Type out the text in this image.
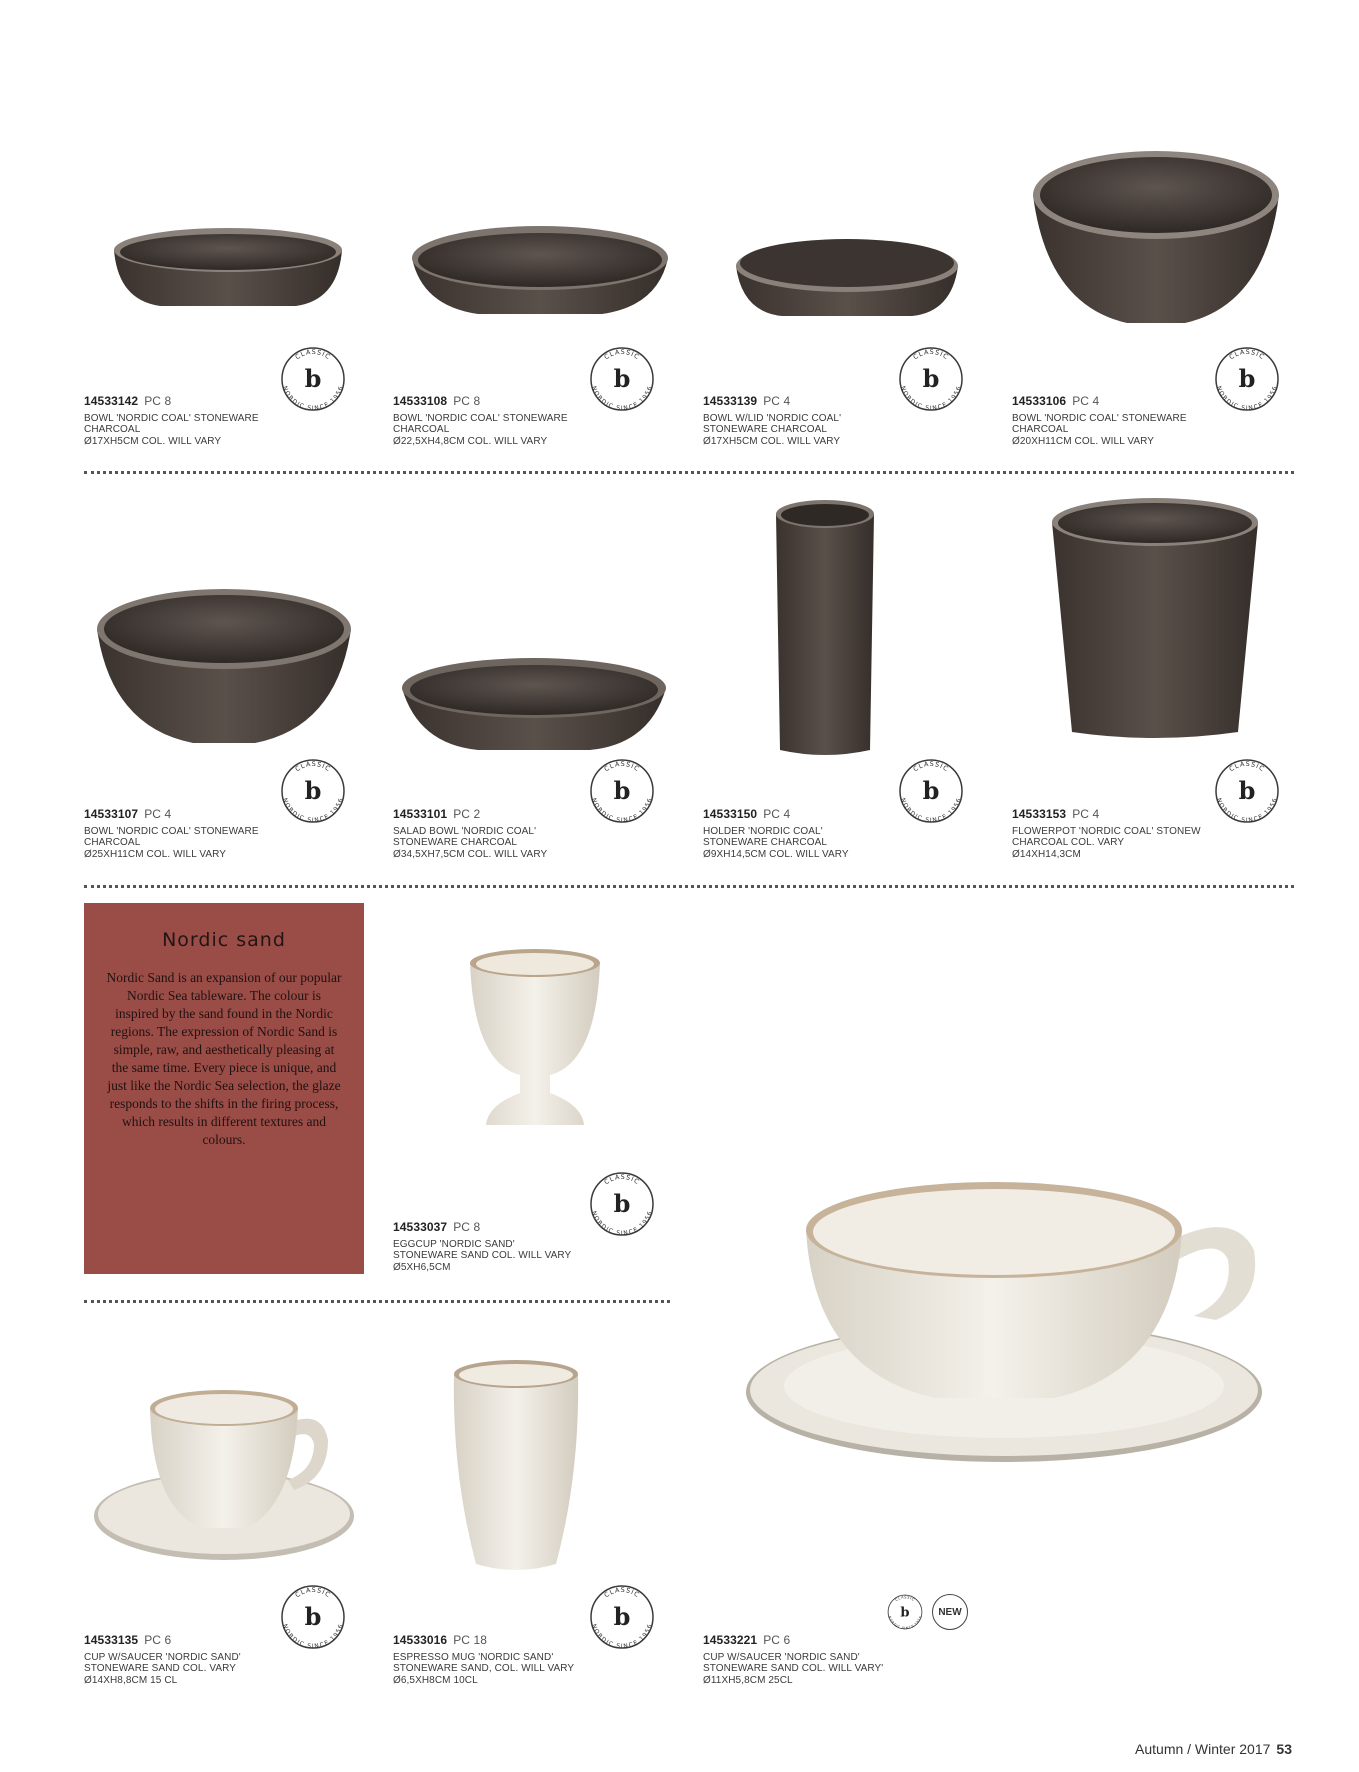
14533142 PC 8
BOWL 'NORDIC COAL' STONEWARE
CHARCOAL
Ø17XH5CM COL. WILL VARY
14533108 PC 8
BOWL 'NORDIC COAL' STONEWARE
CHARCOAL
Ø22,5XH4,8CM COL. WILL VARY
14533139 PC 4
BOWL W/LID 'NORDIC COAL'
STONEWARE CHARCOAL
Ø17XH5CM COL. WILL VARY
14533106 PC 4
BOWL 'NORDIC COAL' STONEWARE
CHARCOAL
Ø20XH11CM COL. WILL VARY
14533107 PC 4
BOWL 'NORDIC COAL' STONEWARE
CHARCOAL
Ø25XH11CM COL. WILL VARY
14533101 PC 2
SALAD BOWL 'NORDIC COAL'
STONEWARE CHARCOAL
Ø34,5XH7,5CM COL. WILL VARY
14533150 PC 4
HOLDER 'NORDIC COAL'
STONEWARE CHARCOAL
Ø9XH14,5CM COL. WILL VARY
14533153 PC 4
FLOWERPOT 'NORDIC COAL' STONEW
CHARCOAL COL. VARY
Ø14XH14,3CM
Nordic sand

Nordic Sand is an expansion of our popular Nordic Sea tableware. The colour is inspired by the sand found in the Nordic regions. The expression of Nordic Sand is simple, raw, and aesthetically pleasing at the same time. Every piece is unique, and just like the Nordic Sea selection, the glaze responds to the shifts in the firing process, which results in different textures and colours.

14533037 PC 8
EGGCUP 'NORDIC SAND'
STONEWARE SAND COL. WILL VARY
Ø5XH6,5CM
14533135 PC 6
CUP W/SAUCER 'NORDIC SAND'
STONEWARE SAND COL. VARY
Ø14XH8,8CM 15 CL
14533016 PC 18
ESPRESSO MUG 'NORDIC SAND'
STONEWARE SAND, COL. WILL VARY
Ø6,5XH8CM 10CL
14533221 PC 6
CUP W/SAUCER 'NORDIC SAND'
STONEWARE SAND COL. WILL VARY'
Ø11XH5,8CM 25CL
CLASSIC
b
NORDIC SINCE 1956
CLASSIC
b
NORDIC SINCE 1956
CLASSIC
b
NORDIC SINCE 1956
CLASSIC
b
NORDIC SINCE 1956
CLASSIC
b
NORDIC SINCE 1956
CLASSIC
b
NORDIC SINCE 1956
CLASSIC
b
NORDIC SINCE 1956
CLASSIC
b
NORDIC SINCE 1956
CLASSIC
b
NORDIC SINCE 1956
CLASSIC
b
NORDIC SINCE 1956
CLASSIC
b
NORDIC SINCE 1956
CLASSIC
b
NORDIC SINCE 1956 NEW
Autumn / Winter 2017 53
